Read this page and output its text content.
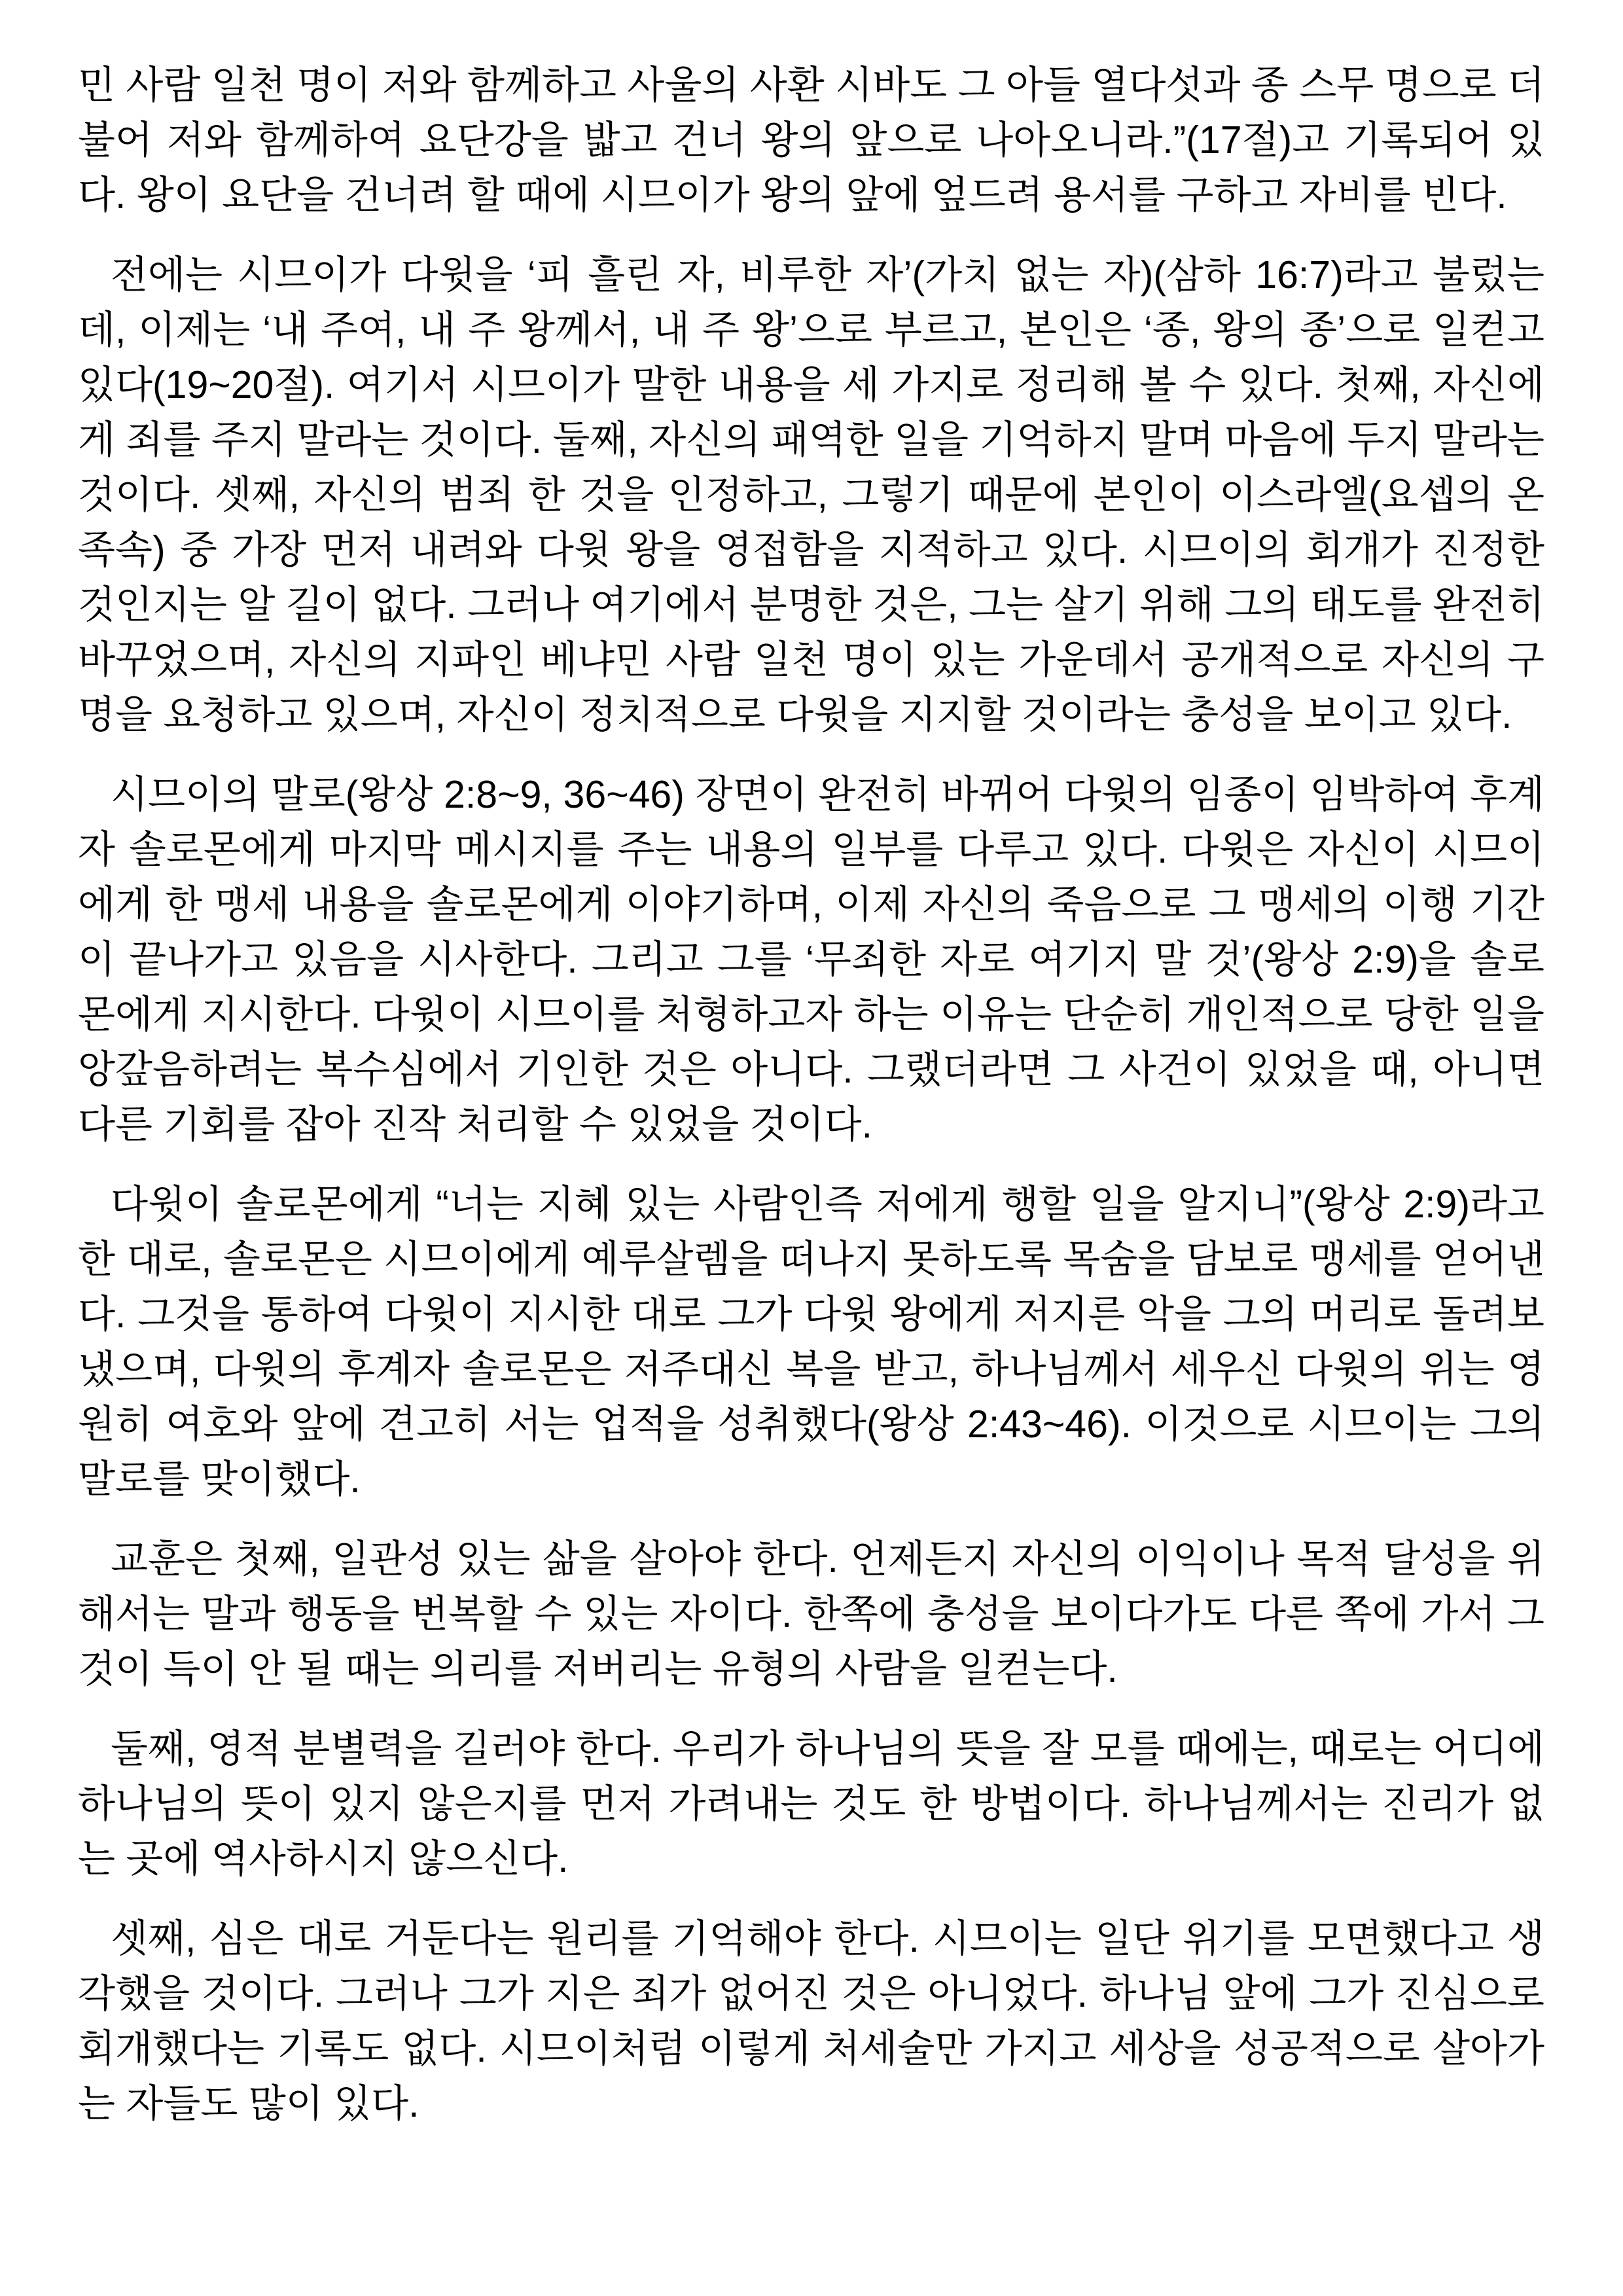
민 사람 일천 명이 저와 함께하고 사울의 사환 시바도 그 아들 열다섯과 종 스무 명으로 더불어 저와 함께하여 요단강을 밟고 건너 왕의 앞으로 나아오니라.”(17절)고 기록되어 있다. 왕이 요단을 건너려 할 때에 시므이가 왕의 앞에 엎드려 용서를 구하고 자비를 빈다.

전에는 시므이가 다윗을 ‘피 흘린 자, 비루한 자’(가치 없는 자)(삼하 16:7)라고 불렀는데, 이제는 ‘내 주여, 내 주 왕께서, 내 주 왕’으로 부르고, 본인은 ‘종, 왕의 종’으로 일컫고 있다(19~20절). 여기서 시므이가 말한 내용을 세 가지로 정리해 볼 수 있다. 첫째, 자신에게 죄를 주지 말라는 것이다. 둘째, 자신의 패역한 일을 기억하지 말며 마음에 두지 말라는 것이다. 셋째, 자신의 범죄 한 것을 인정하고, 그렇기 때문에 본인이 이스라엘(요셉의 온 족속) 중 가장 먼저 내려와 다윗 왕을 영접함을 지적하고 있다. 시므이의 회개가 진정한 것인지는 알 길이 없다. 그러나 여기에서 분명한 것은, 그는 살기 위해 그의 태도를 완전히 바꾸었으며, 자신의 지파인 베냐민 사람 일천 명이 있는 가운데서 공개적으로 자신의 구명을 요청하고 있으며, 자신이 정치적으로 다윗을 지지할 것이라는 충성을 보이고 있다.

시므이의 말로(왕상 2:8~9, 36~46) 장면이 완전히 바뀌어 다윗의 임종이 임박하여 후계자 솔로몬에게 마지막 메시지를 주는 내용의 일부를 다루고 있다. 다윗은 자신이 시므이에게 한 맹세 내용을 솔로몬에게 이야기하며, 이제 자신의 죽음으로 그 맹세의 이행 기간이 끝나가고 있음을 시사한다. 그리고 그를 ‘무죄한 자로 여기지 말 것’(왕상 2:9)을 솔로몬에게 지시한다. 다윗이 시므이를 처형하고자 하는 이유는 단순히 개인적으로 당한 일을 앙갚음하려는 복수심에서 기인한 것은 아니다. 그랬더라면 그 사건이 있었을 때, 아니면 다른 기회를 잡아 진작 처리할 수 있었을 것이다.

다윗이 솔로몬에게 “너는 지혜 있는 사람인즉 저에게 행할 일을 알지니”(왕상 2:9)라고 한 대로, 솔로몬은 시므이에게 예루살렘을 떠나지 못하도록 목숨을 담보로 맹세를 얻어낸다. 그것을 통하여 다윗이 지시한 대로 그가 다윗 왕에게 저지른 악을 그의 머리로 돌려보냈으며, 다윗의 후계자 솔로몬은 저주대신 복을 받고, 하나님께서 세우신 다윗의 위는 영원히 여호와 앞에 견고히 서는 업적을 성취했다(왕상 2:43~46). 이것으로 시므이는 그의 말로를 맞이했다.

교훈은 첫째, 일관성 있는 삶을 살아야 한다. 언제든지 자신의 이익이나 목적 달성을 위해서는 말과 행동을 번복할 수 있는 자이다. 한쪽에 충성을 보이다가도 다른 쪽에 가서 그것이 득이 안 될 때는 의리를 저버리는 유형의 사람을 일컫는다.

둘째, 영적 분별력을 길러야 한다. 우리가 하나님의 뜻을 잘 모를 때에는, 때로는 어디에 하나님의 뜻이 있지 않은지를 먼저 가려내는 것도 한 방법이다. 하나님께서는 진리가 없는 곳에 역사하시지 않으신다.

셋째, 심은 대로 거둔다는 원리를 기억해야 한다. 시므이는 일단 위기를 모면했다고 생각했을 것이다. 그러나 그가 지은 죄가 없어진 것은 아니었다. 하나님 앞에 그가 진심으로 회개했다는 기록도 없다. 시므이처럼 이렇게 처세술만 가지고 세상을 성공적으로 살아가는 자들도 많이 있다.
